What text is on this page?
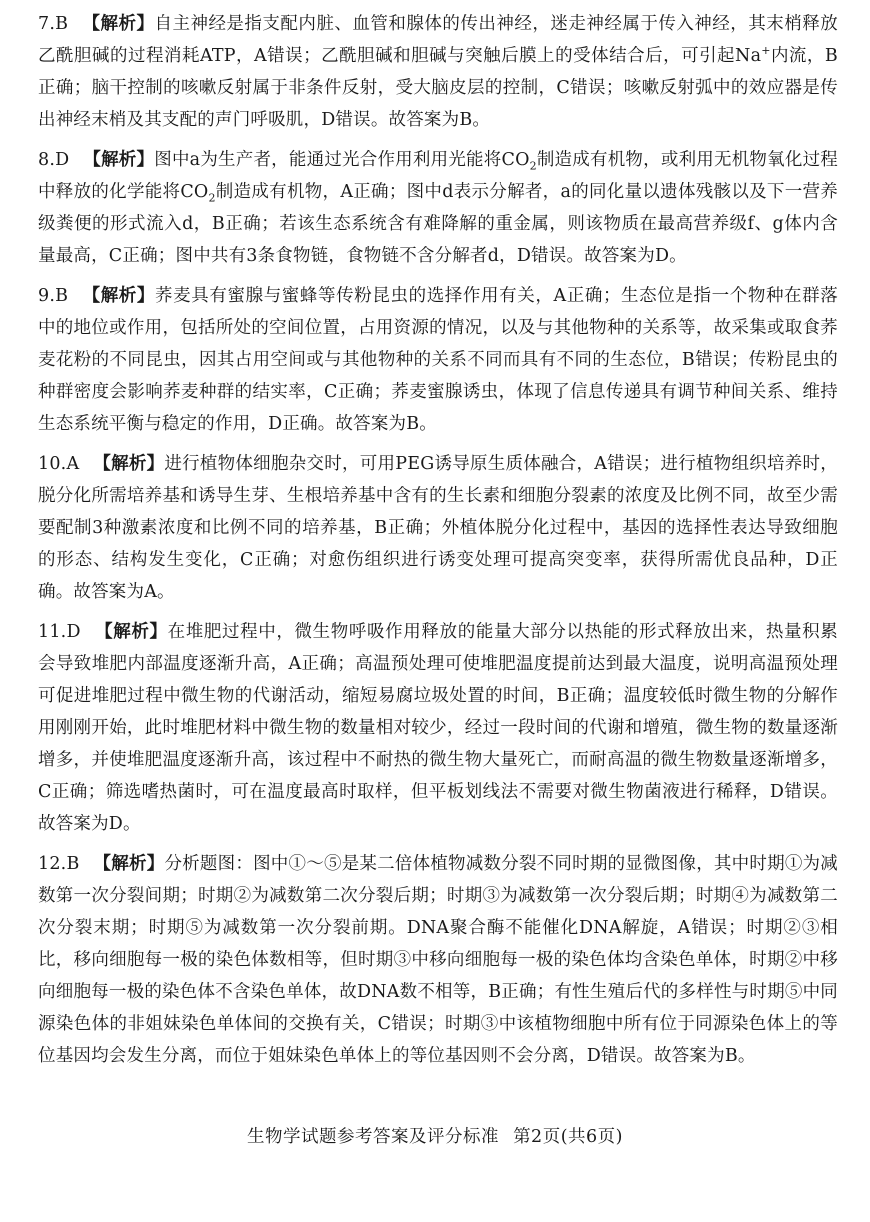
7.B 【解析】自主神经是指支配内脏、血管和腺体的传出神经，迷走神经属于传入神经，其末梢释放乙酰胆碱的过程消耗ATP，A错误；乙酰胆碱和胆碱与突触后膜上的受体结合后，可引起Na+内流，B正确；脑干控制的咳嗽反射属于非条件反射，受大脑皮层的控制，C错误；咳嗽反射弧中的效应器是传出神经末梢及其支配的声门呼吸肌，D错误。故答案为B。

8.D 【解析】图中a为生产者，能通过光合作用利用光能将$CO_2$制造成有机物，或利用无机物氧化过程中释放的化学能将$CO_2$制造成有机物，A正确；图中d表示分解者，a的同化量以遗体残骸以及下一营养级粪便的形式流入d，B正确；若该生态系统含有难降解的重金属，则该物质在最高营养级f、g体内含量最高，C正确；图中共有3条食物链，食物链不含分解者d，D错误。故答案为D。

9.B 【解析】荞麦具有蜜腺与蜜蜂等传粉昆虫的选择作用有关，A正确；生态位是指一个物种在群落中的地位或作用，包括所处的空间位置，占用资源的情况，以及与其他物种的关系等，故采集或取食荞麦花粉的不同昆虫，因其占用空间或与其他物种的关系不同而具有不同的生态位，B错误；传粉昆虫的种群密度会影响荞麦种群的结实率，C正确；荞麦蜜腺诱虫，体现了信息传递具有调节种间关系、维持生态系统平衡与稳定的作用，D正确。故答案为B。

10.A 【解析】进行植物体细胞杂交时，可用PEG诱导原生质体融合，A错误；进行植物组织培养时，脱分化所需培养基和诱导生芽、生根培养基中含有的生长素和细胞分裂素的浓度及比例不同，故至少需要配制3种激素浓度和比例不同的培养基，B正确；外植体脱分化过程中，基因的选择性表达导致细胞的形态、结构发生变化，C正确；对愈伤组织进行诱变处理可提高突变率，获得所需优良品种，D正确。故答案为A。

11.D 【解析】在堆肥过程中，微生物呼吸作用释放的能量大部分以热能的形式释放出来，热量积累会导致堆肥内部温度逐渐升高，A正确；高温预处理可使堆肥温度提前达到最大温度，说明高温预处理可促进堆肥过程中微生物的代谢活动，缩短易腐垃圾处置的时间，B正确；温度较低时微生物的分解作用刚刚开始，此时堆肥材料中微生物的数量相对较少，经过一段时间的代谢和增殖，微生物的数量逐渐增多，并使堆肥温度逐渐升高，该过程中不耐热的微生物大量死亡，而耐高温的微生物数量逐渐增多，C正确；筛选嗜热菌时，可在温度最高时取样，但平板划线法不需要对微生物菌液进行稀释，D错误。故答案为D。

12.B 【解析】分析题图：图中①～⑤是某二倍体植物减数分裂不同时期的显微图像，其中时期①为减数第一次分裂间期；时期②为减数第二次分裂后期；时期③为减数第一次分裂后期；时期④为减数第二次分裂末期；时期⑤为减数第一次分裂前期。DNA聚合酶不能催化DNA解旋，A错误；时期②③相比，移向细胞每一极的染色体数相等，但时期③中移向细胞每一极的染色体均含染色单体，时期②中移向细胞每一极的染色体不含染色单体，故DNA数不相等，B正确；有性生殖后代的多样性与时期⑤中同源染色体的非姐妹染色单体间的交换有关，C错误；时期③中该植物细胞中所有位于同源染色体上的等位基因均会发生分离，而位于姐妹染色单体上的等位基因则不会分离，D错误。故答案为B。

生物学试题参考答案及评分标准 第2页(共6页)
